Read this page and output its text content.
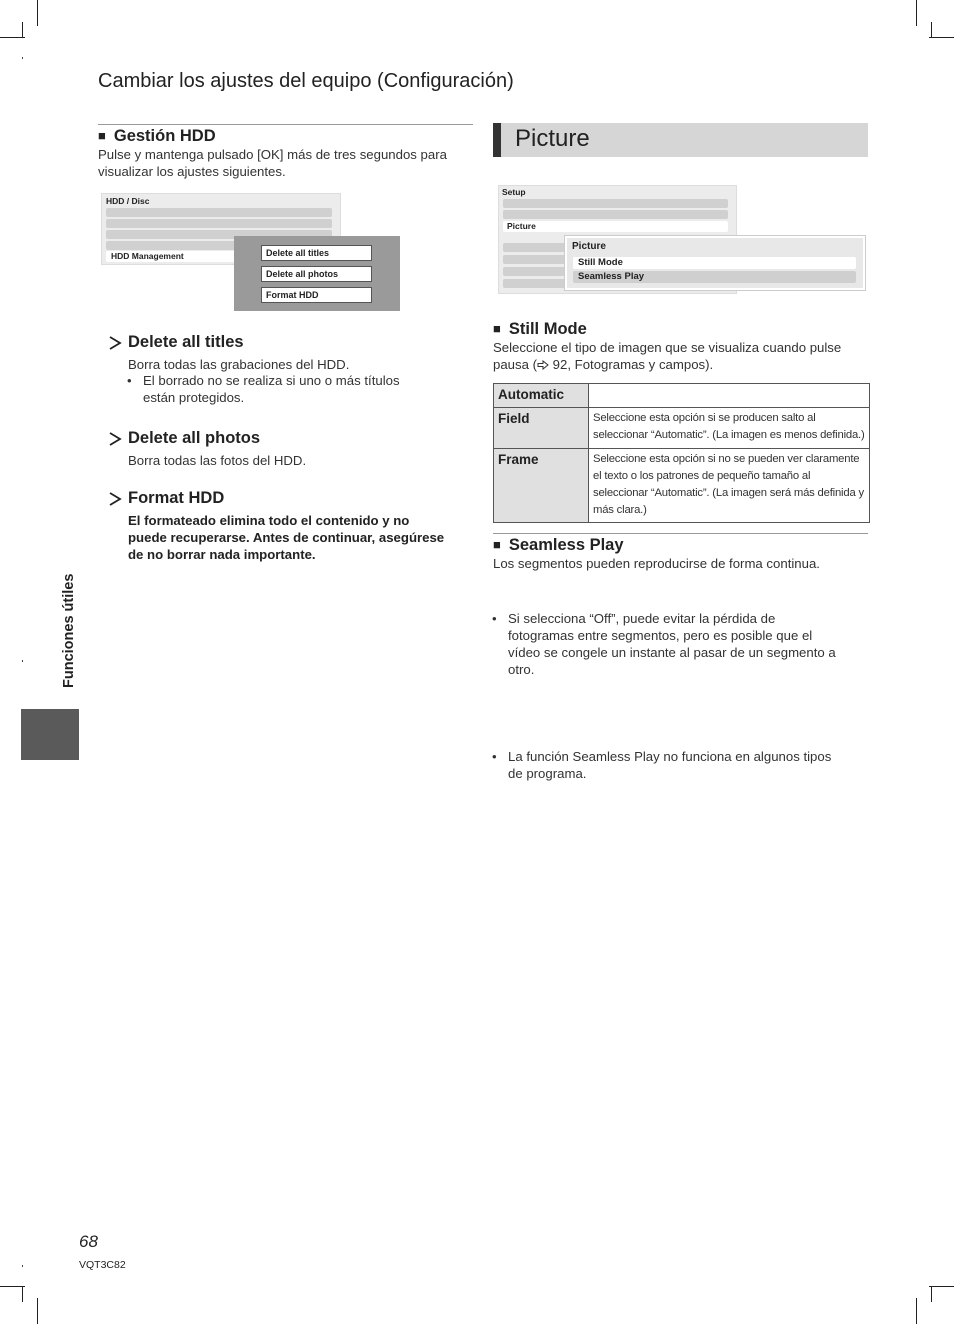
Cambiar los ajustes del equipo (Configuración)
■ Gestión HDD
Pulse y mantenga pulsado [OK] más de tres segundos para visualizar los ajustes siguientes.
HDD / Disc
HDD Management	Delete all titles
Delete all photos
Format HDD
Delete all titles
Borra todas las grabaciones del HDD.
• El borrado no se realiza si uno o más títulos están protegidos.
Delete all photos
Borra todas las fotos del HDD.
Format HDD
El formateado elimina todo el contenido y no puede recuperarse. Antes de continuar, asegúrese de no borrar nada importante.
Picture
Setup
Picture
Picture
Still Mode
Seamless Play
■ Still Mode
Seleccione el tipo de imagen que se visualiza cuando pulse pausa ( 92, Fotogramas y campos).
Automatic	
Field	Seleccione esta opción si se producen salto al seleccionar “Automatic”. (La imagen es menos definida.)
Frame	Seleccione esta opción si no se pueden ver claramente el texto o los patrones de pequeño tamaño al seleccionar “Automatic”. (La imagen será más definida y más clara.)
■ Seamless Play
Los segmentos pueden reproducirse de forma continua.
• Si selecciona “Off”, puede evitar la pérdida de fotogramas entre segmentos, pero es posible que el vídeo se congele un instante al pasar de un segmento a otro.
• La función Seamless Play no funciona en algunos tipos de programa.
Funciones útiles
68
VQT3C82
